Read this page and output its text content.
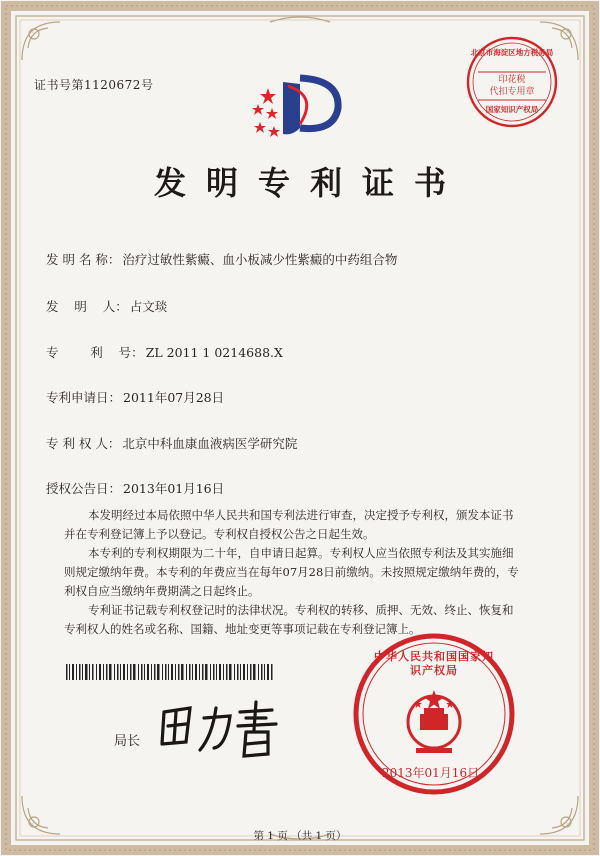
证书号第1120672号	印花税
代扣专用章
北京市海淀区地方税务局
国家知识产权局
发明专利证书
发 明 名 称： 治疗过敏性紫癜、血小板减少性紫癜的中药组合物
发    明    人： 占文琰
专        利    号： ZL 2011 1 0214688.X
专利申请日： 2011年07月28日
专 利 权 人： 北京中科血康血液病医学研究院
授权公告日： 2013年01月16日

本发明经过本局依照中华人民共和国专利法进行审查，决定授予专利权，颁发本证书并在专利登记簿上予以登记。专利权自授权公告之日起生效。

本专利的专利权期限为二十年，自申请日起算。专利权人应当依照专利法及其实施细则规定缴纳年费。本专利的年费应当在每年07月28日前缴纳。未按照规定缴纳年费的，专利权自应当缴纳年费期满之日起终止。

专利证书记载专利权登记时的法律状况。专利权的转移、质押、无效、终止、恢复和专利权人的姓名或名称、国籍、地址变更等事项记载在专利登记簿上。

局长
中华人民共和国国家知识产权局
2013年01月16日
第 1 页 （共 1 页）
